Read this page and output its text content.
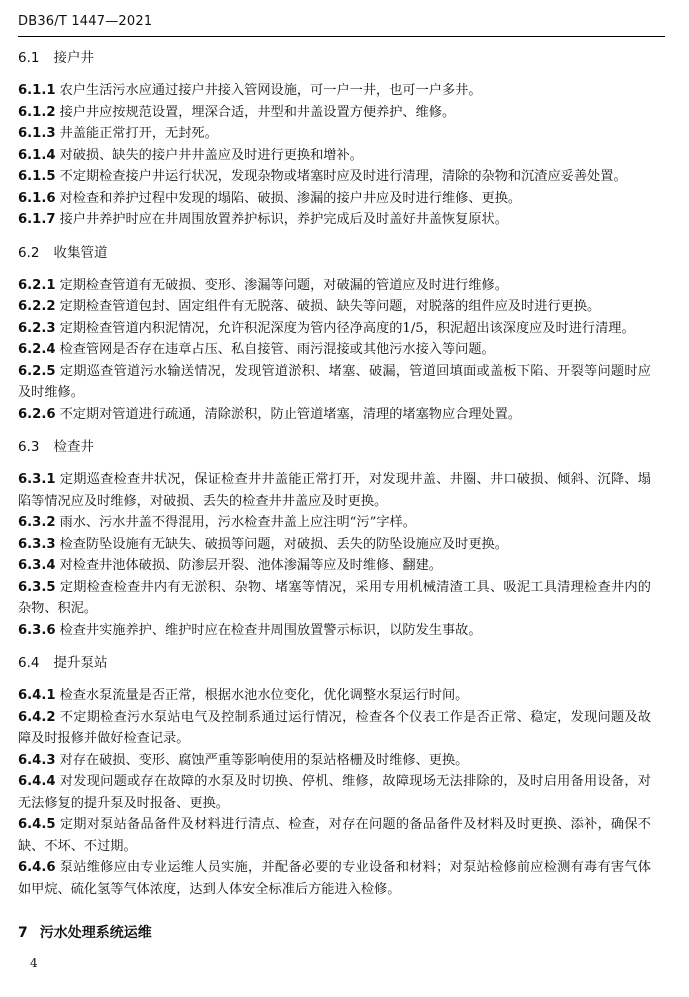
DB36/T 1447—2021

6.1 接户井

6.1.1 农户生活污水应通过接户井接入管网设施，可一户一井，也可一户多井。

6.1.2 接户井应按规范设置，埋深合适，井型和井盖设置方便养护、维修。

6.1.3 井盖能正常打开，无封死。

6.1.4 对破损、缺失的接户井井盖应及时进行更换和增补。

6.1.5 不定期检查接户井运行状况，发现杂物或堵塞时应及时进行清理，清除的杂物和沉渣应妥善处置。

6.1.6 对检查和养护过程中发现的塌陷、破损、渗漏的接户井应及时进行维修、更换。

6.1.7 接户井养护时应在井周围放置养护标识，养护完成后及时盖好井盖恢复原状。

6.2 收集管道

6.2.1 定期检查管道有无破损、变形、渗漏等问题，对破漏的管道应及时进行维修。

6.2.2 定期检查管道包封、固定组件有无脱落、破损、缺失等问题，对脱落的组件应及时进行更换。

6.2.3 定期检查管道内积泥情况，允许积泥深度为管内径净高度的1/5，积泥超出该深度应及时进行清理。

6.2.4 检查管网是否存在违章占压、私自接管、雨污混接或其他污水接入等问题。

6.2.5 定期巡查管道污水输送情况，发现管道淤积、堵塞、破漏，管道回填面或盖板下陷、开裂等问题时应及时维修。

6.2.6 不定期对管道进行疏通，清除淤积，防止管道堵塞，清理的堵塞物应合理处置。

6.3 检查井

6.3.1 定期巡查检查井状况，保证检查井井盖能正常打开，对发现井盖、井圈、井口破损、倾斜、沉降、塌陷等情况应及时维修，对破损、丢失的检查井井盖应及时更换。

6.3.2 雨水、污水井盖不得混用，污水检查井盖上应注明“污”字样。

6.3.3 检查防坠设施有无缺失、破损等问题，对破损、丢失的防坠设施应及时更换。

6.3.4 对检查井池体破损、防渗层开裂、池体渗漏等应及时维修、翻建。

6.3.5 定期检查检查井内有无淤积、杂物、堵塞等情况，采用专用机械清渣工具、吸泥工具清理检查井内的杂物、积泥。

6.3.6 检查井实施养护、维护时应在检查井周围放置警示标识，以防发生事故。

6.4 提升泵站

6.4.1 检查水泵流量是否正常，根据水池水位变化，优化调整水泵运行时间。

6.4.2 不定期检查污水泵站电气及控制系通过运行情况，检查各个仪表工作是否正常、稳定，发现问题及故障及时报修并做好检查记录。

6.4.3 对存在破损、变形、腐蚀严重等影响使用的泵站格栅及时维修、更换。

6.4.4 对发现问题或存在故障的水泵及时切换、停机、维修，故障现场无法排除的，及时启用备用设备，对无法修复的提升泵及时报备、更换。

6.4.5 定期对泵站备品备件及材料进行清点、检查，对存在问题的备品备件及材料及时更换、添补，确保不缺、不坏、不过期。

6.4.6 泵站维修应由专业运维人员实施，并配备必要的专业设备和材料；对泵站检修前应检测有毒有害气体如甲烷、硫化氢等气体浓度，达到人体安全标准后方能进入检修。

7 污水处理系统运维
4
